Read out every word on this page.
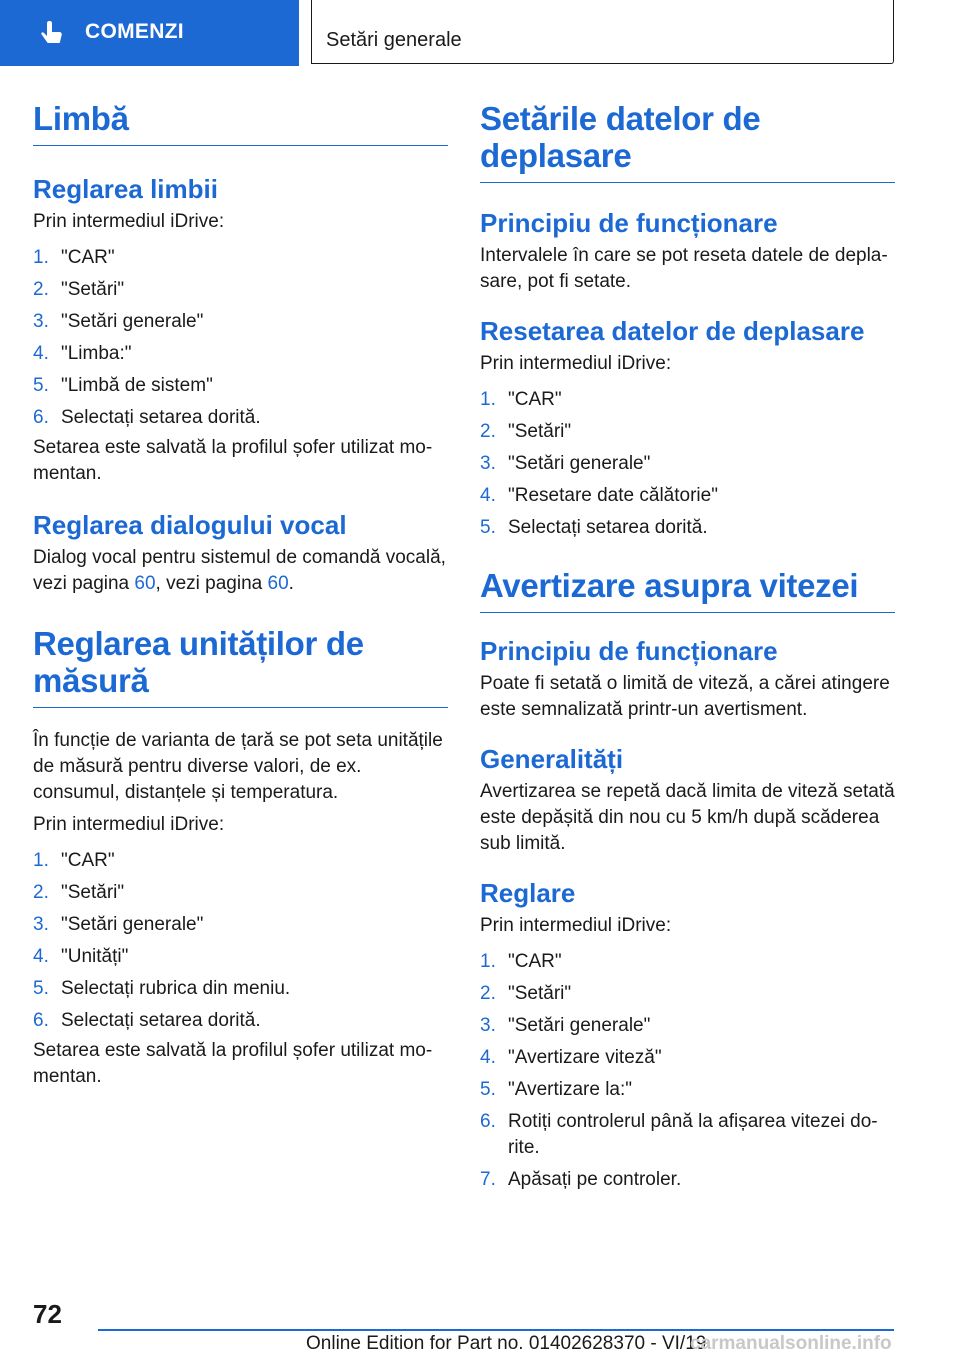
COMENZI	Setări generale
Limbă
Reglarea limbii

Prin intermediul iDrive:

1. "CAR"
2. "Setări"
3. "Setări generale"
4. "Limba:"
5. "Limbă de sistem"
6. Selectați setarea dorită.

Setarea este salvată la profilul șofer utilizat mo-mentan.

Reglarea dialogului vocal

Dialog vocal pentru sistemul de comandă vocală, vezi pagina 60, vezi pagina 60.

Reglarea unităților de măsură

În funcție de varianta de țară se pot seta unitățile de măsură pentru diverse valori, de ex. consumul, distanțele și temperatura.

Prin intermediul iDrive:

1. "CAR"
2. "Setări"
3. "Setări generale"
4. "Unități"
5. Selectați rubrica din meniu.
6. Selectați setarea dorită.

Setarea este salvată la profilul șofer utilizat mo-mentan.

Setările datelor de deplasare
Principiu de funcționare

Intervalele în care se pot reseta datele de depla-sare, pot fi setate.

Resetarea datelor de deplasare

Prin intermediul iDrive:

1. "CAR"
2. "Setări"
3. "Setări generale"
4. "Resetare date călătorie"
5. Selectați setarea dorită.
Avertizare asupra vitezei
Principiu de funcționare

Poate fi setată o limită de viteză, a cărei atingere este semnalizată printr-un avertisment.

Generalități

Avertizarea se repetă dacă limita de viteză setată este depășită din nou cu 5 km/h după scăderea sub limită.

Reglare

Prin intermediul iDrive:

1. "CAR"
2. "Setări"
3. "Setări generale"
4. "Avertizare viteză"
5. "Avertizare la:"
6. Rotiți controlerul până la afișarea vitezei do-rite.
7. Apăsați pe controler.
72
Online Edition for Part no. 01402628370 - VI/19
carmanualsonline.info
